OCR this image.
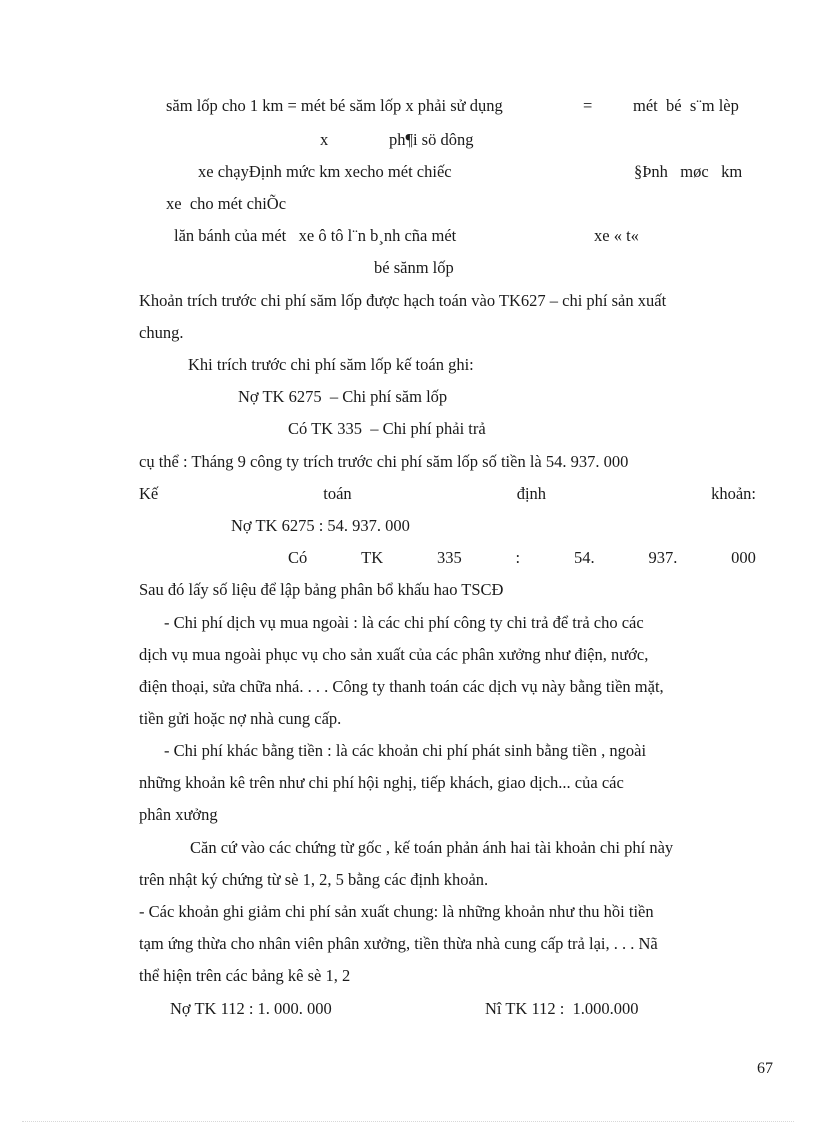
săm lốp cho 1 km = mét bé săm lốp x phải sử dụng	= mét  bé  s¨m lèp
x	ph¶i sö dông
xe chạyĐịnh mức km xecho mét chiếc	§Þnh   møc   km
xe  cho mét chiÕc
lăn bánh của mét   xe ô tô l¨n b¸nh cña mét	xe « t«
bé sănm lốp
Khoản trích trước chi phí săm lốp được hạch toán vào TK627 – chi phí sản xuất
chung.
Khi trích trước chi phí săm lốp kế toán ghi:
Nợ TK 6275  – Chi phí săm lốp
Có TK 335  – Chi phí phải trả
cụ thể : Tháng 9 công ty trích trước chi phí săm lốp số tiền là 54. 937. 000
Kế	toán	định	khoản:
Nợ TK 6275 : 54. 937. 000
Có	TK	335	:	54.	937.	000
Sau đó lấy số liệu để lập bảng phân bổ khấu hao TSCĐ
- Chi phí dịch vụ mua ngoài : là các chi phí công ty chi trả để trả cho các
dịch vụ mua ngoài phục vụ cho sản xuất của các phân xưởng như điện, nước,
điện thoại, sửa chữa nhá. . . . Công ty thanh toán các dịch vụ này bằng tiền mặt,
tiền gửi hoặc nợ nhà cung cấp.
- Chi phí khác bằng tiền : là các khoản chi phí phát sinh bằng tiền , ngoài
những khoản kê trên như chi phí hội nghị, tiếp khách, giao dịch... của các
phân xưởng
Căn cứ vào các chứng từ gốc , kế toán phản ánh hai tài khoản chi phí này
trên nhật ký chứng từ sè 1, 2, 5 bằng các định khoản.
- Các khoản ghi giảm chi phí sản xuất chung: là những khoản như thu hồi tiền
tạm ứng thừa cho nhân viên phân xưởng, tiền thừa nhà cung cấp trả lại, . . . Nã
thể hiện trên các bảng kê sè 1, 2
Nợ TK 112 : 1. 000. 000	Nî TK 112 :  1.000.000
67
